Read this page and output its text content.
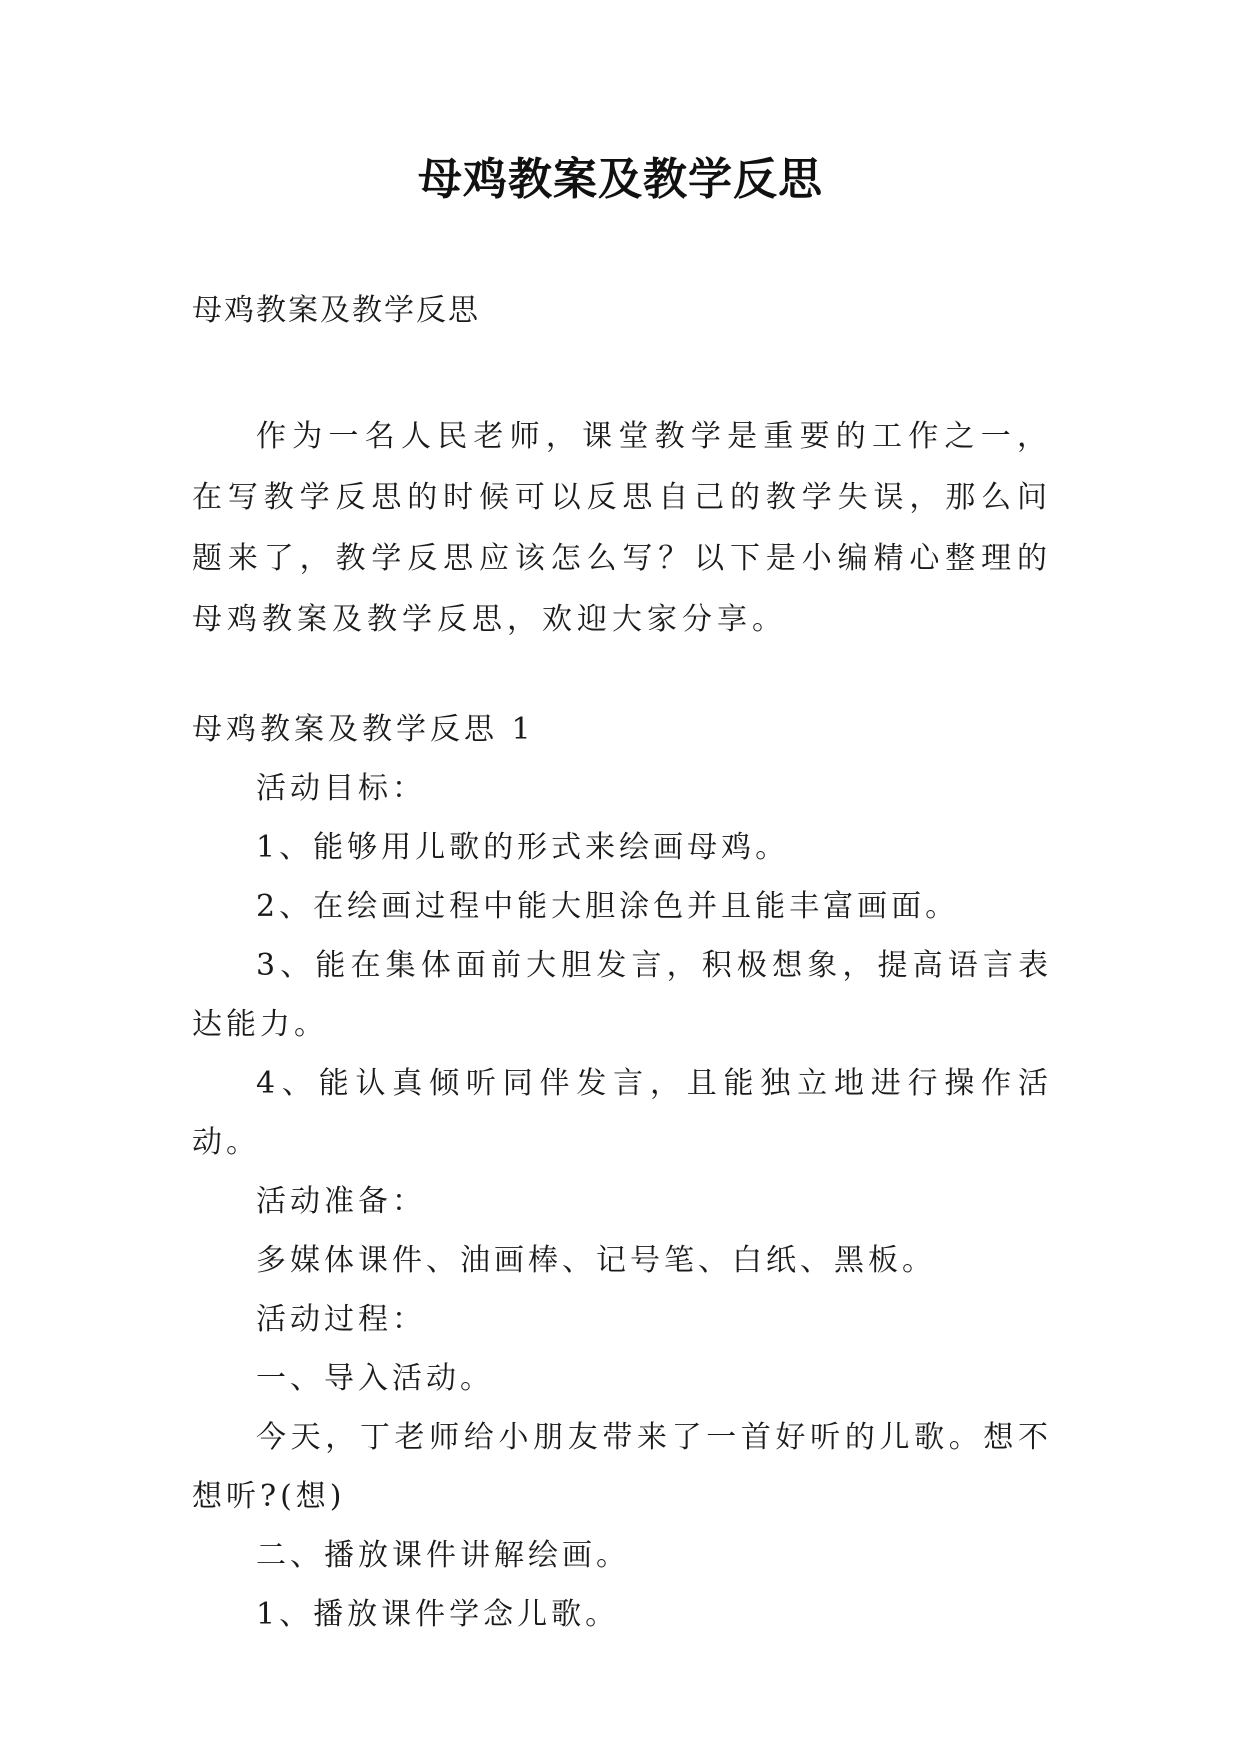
母鸡教案及教学反思
母鸡教案及教学反思

作为一名人民老师，课堂教学是重要的工作之一，在写教学反思的时候可以反思自己的教学失误，那么问题来了，教学反思应该怎么写？以下是小编精心整理的母鸡教案及教学反思，欢迎大家分享。

母鸡教案及教学反思 1

活动目标：

1、能够用儿歌的形式来绘画母鸡。

2、在绘画过程中能大胆涂色并且能丰富画面。

3、能在集体面前大胆发言，积极想象，提高语言表达能力。

4、能认真倾听同伴发言，且能独立地进行操作活动。

活动准备：

多媒体课件、油画棒、记号笔、白纸、黑板。

活动过程：

一、导入活动。

今天，丁老师给小朋友带来了一首好听的儿歌。想不想听?(想)

二、播放课件讲解绘画。

1、播放课件学念儿歌。
